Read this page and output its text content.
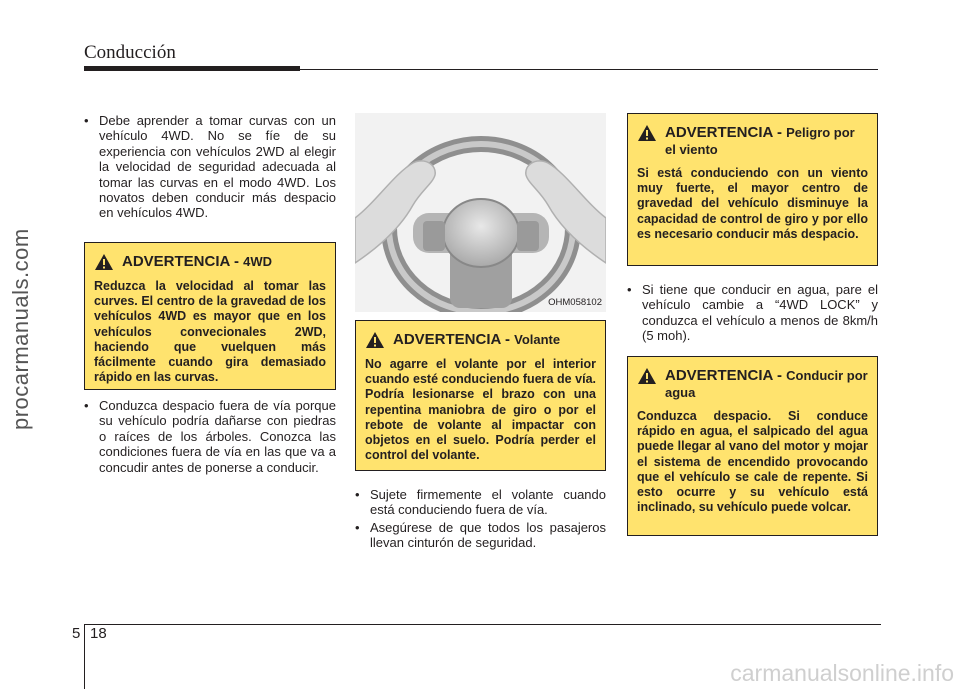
Conducción
procarmanuals.com
• Debe aprender a tomar curvas con un vehículo 4WD. No se fíe de su experiencia con vehículos 2WD al elegir la velocidad de seguridad adecuada al tomar las curvas en el modo 4WD. Los novatos deben conducir más despacio en vehículos 4WD.
ADVERTENCIA - 4WD
Reduzca la velocidad al tomar las curves. El centro de la gravedad de los vehículos 4WD es mayor que en los vehículos convecionales 2WD, haciendo que vuelquen más fácilmente cuando gira demasiado rápido en las curvas.
• Conduzca despacio fuera de vía porque su vehículo podría dañarse con piedras o raíces de los árboles. Conozca las condiciones fuera de vía en las que va a concudir antes de ponerse a conducir.
OHM058102
ADVERTENCIA - Volante
No agarre el volante por el interior cuando esté conduciendo fuera de vía. Podría lesionarse el brazo con una repentina maniobra de giro o por el rebote de volante al impactar con objetos en el suelo. Podría perder el control del volante.
• Sujete firmemente el volante cuando está conduciendo fuera de vía.
• Asegúrese de que todos los pasajeros llevan cinturón de seguridad.
ADVERTENCIA - Peligro por el viento
Si está conduciendo con un viento muy fuerte, el mayor centro de gravedad del vehículo disminuye la capacidad de control de giro y por ello es necesario conducir más despacio.
• Si tiene que conducir en agua, pare el vehículo cambie a “4WD LOCK” y conduzca el vehículo a menos de 8km/h (5 moh).
ADVERTENCIA - Conducir por agua
Conduzca despacio. Si conduce rápido en agua, el salpicado del agua puede llegar al vano del motor y mojar el sistema de encendido provocando que el vehículo se cale de repente. Si esto ocurre y su vehículo está inclinado, su vehículo puede volcar.
5 18
carmanualsonline.info
